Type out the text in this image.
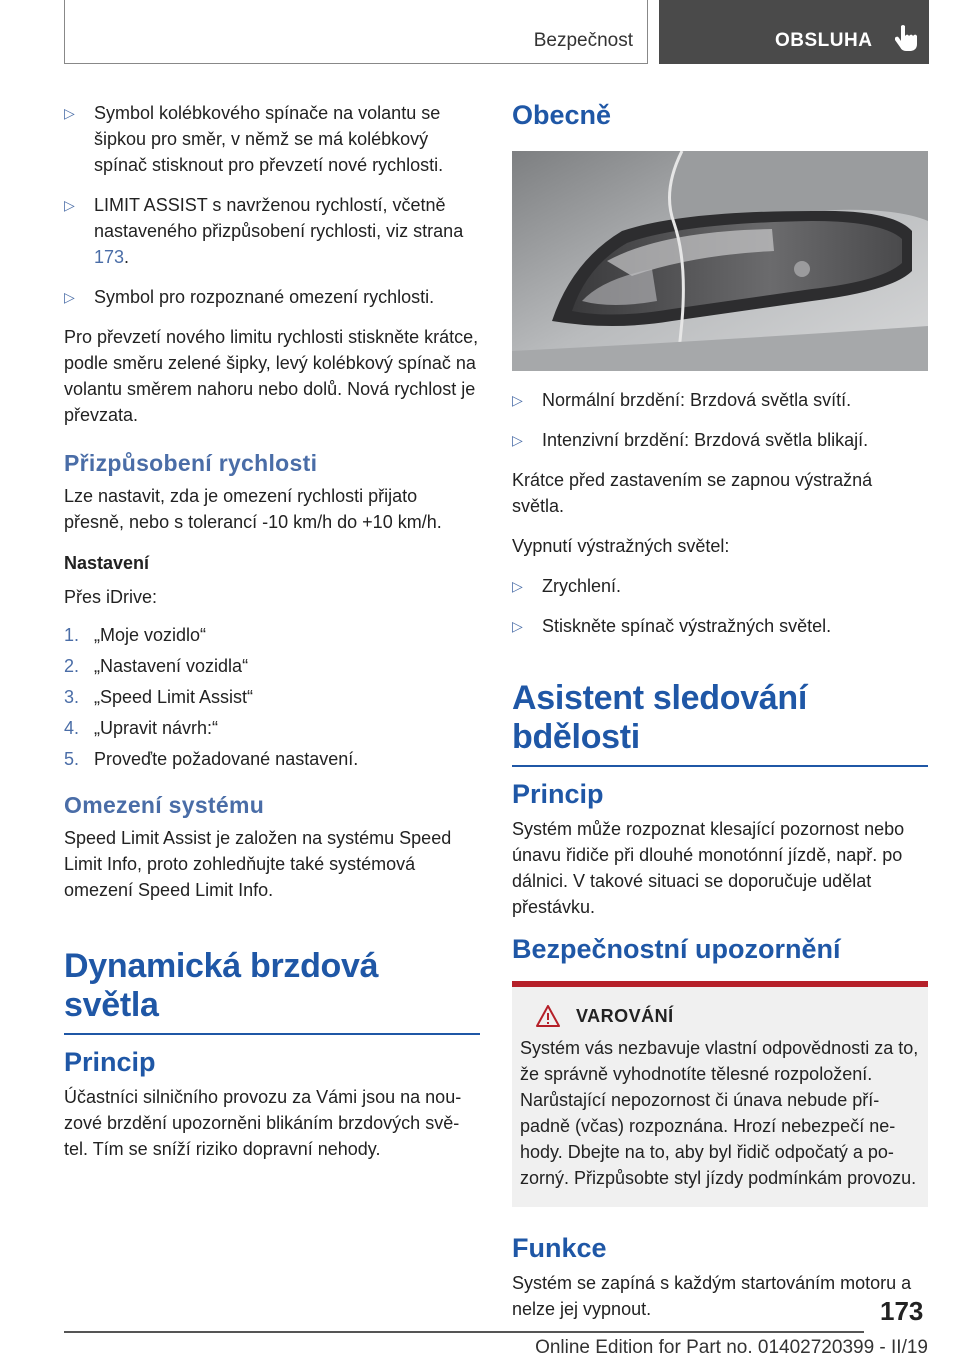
Bezpečnost	OBSLUHA
▷ Symbol kolébkového spínače na volantu se šipkou pro směr, v němž se má kolébkový spínač stisknout pro převzetí nové rychlosti.
▷ LIMIT ASSIST s navrženou rychlostí, včetně nastaveného přizpůsobení rychlosti, viz strana 173.
▷ Symbol pro rozpoznané omezení rychlosti.

Pro převzetí nového limitu rychlosti stiskněte krátce, podle směru zelené šipky, levý kolébkový spínač na volantu směrem nahoru nebo dolů. Nová rychlost je převzata.

Přizpůsobení rychlosti

Lze nastavit, zda je omezení rychlosti přijato přesně, nebo s tolerancí -10 km/h do +10 km/h.

Nastavení

Přes iDrive:

1. „Moje vozidlo“
2. „Nastavení vozidla“
3. „Speed Limit Assist“
4. „Upravit návrh:“
5. Proveďte požadované nastavení.
Omezení systému

Speed Limit Assist je založen na systému Speed Limit Info, proto zohledňujte také systémová omezení Speed Limit Info.

Dynamická brzdová světla
Princip

Účastníci silničního provozu za Vámi jsou na nou-zové brzdění upozorněni blikáním brzdových svě-tel. Tím se sníží riziko dopravní nehody.

Obecně
▷ Normální brzdění: Brzdová světla svítí.
▷ Intenzivní brzdění: Brzdová světla blikají.

Krátce před zastavením se zapnou výstražná světla.

Vypnutí výstražných světel:

▷ Zrychlení.
▷ Stiskněte spínač výstražných světel.
Asistent sledování bdělosti
Princip

Systém může rozpoznat klesající pozornost nebo únavu řidiče při dlouhé monotónní jízdě, např. po dálnici. V takové situaci se doporučuje udělat přestávku.

Bezpečnostní upozornění
VAROVÁNÍ
Systém vás nezbavuje vlastní odpovědnosti za to, že správně vyhodnotíte tělesné rozpoložení. Narůstající nepozornost či únava nebude pří-padně (včas) rozpoznána. Hrozí nebezpečí ne-hody. Dbejte na to, aby byl řidič odpočatý a po-zorný. Přizpůsobte styl jízdy podmínkám provozu.
Funkce

Systém se zapíná s každým startováním motoru a nelze jej vypnout.	173
Online Edition for Part no. 01402720399 - II/19
